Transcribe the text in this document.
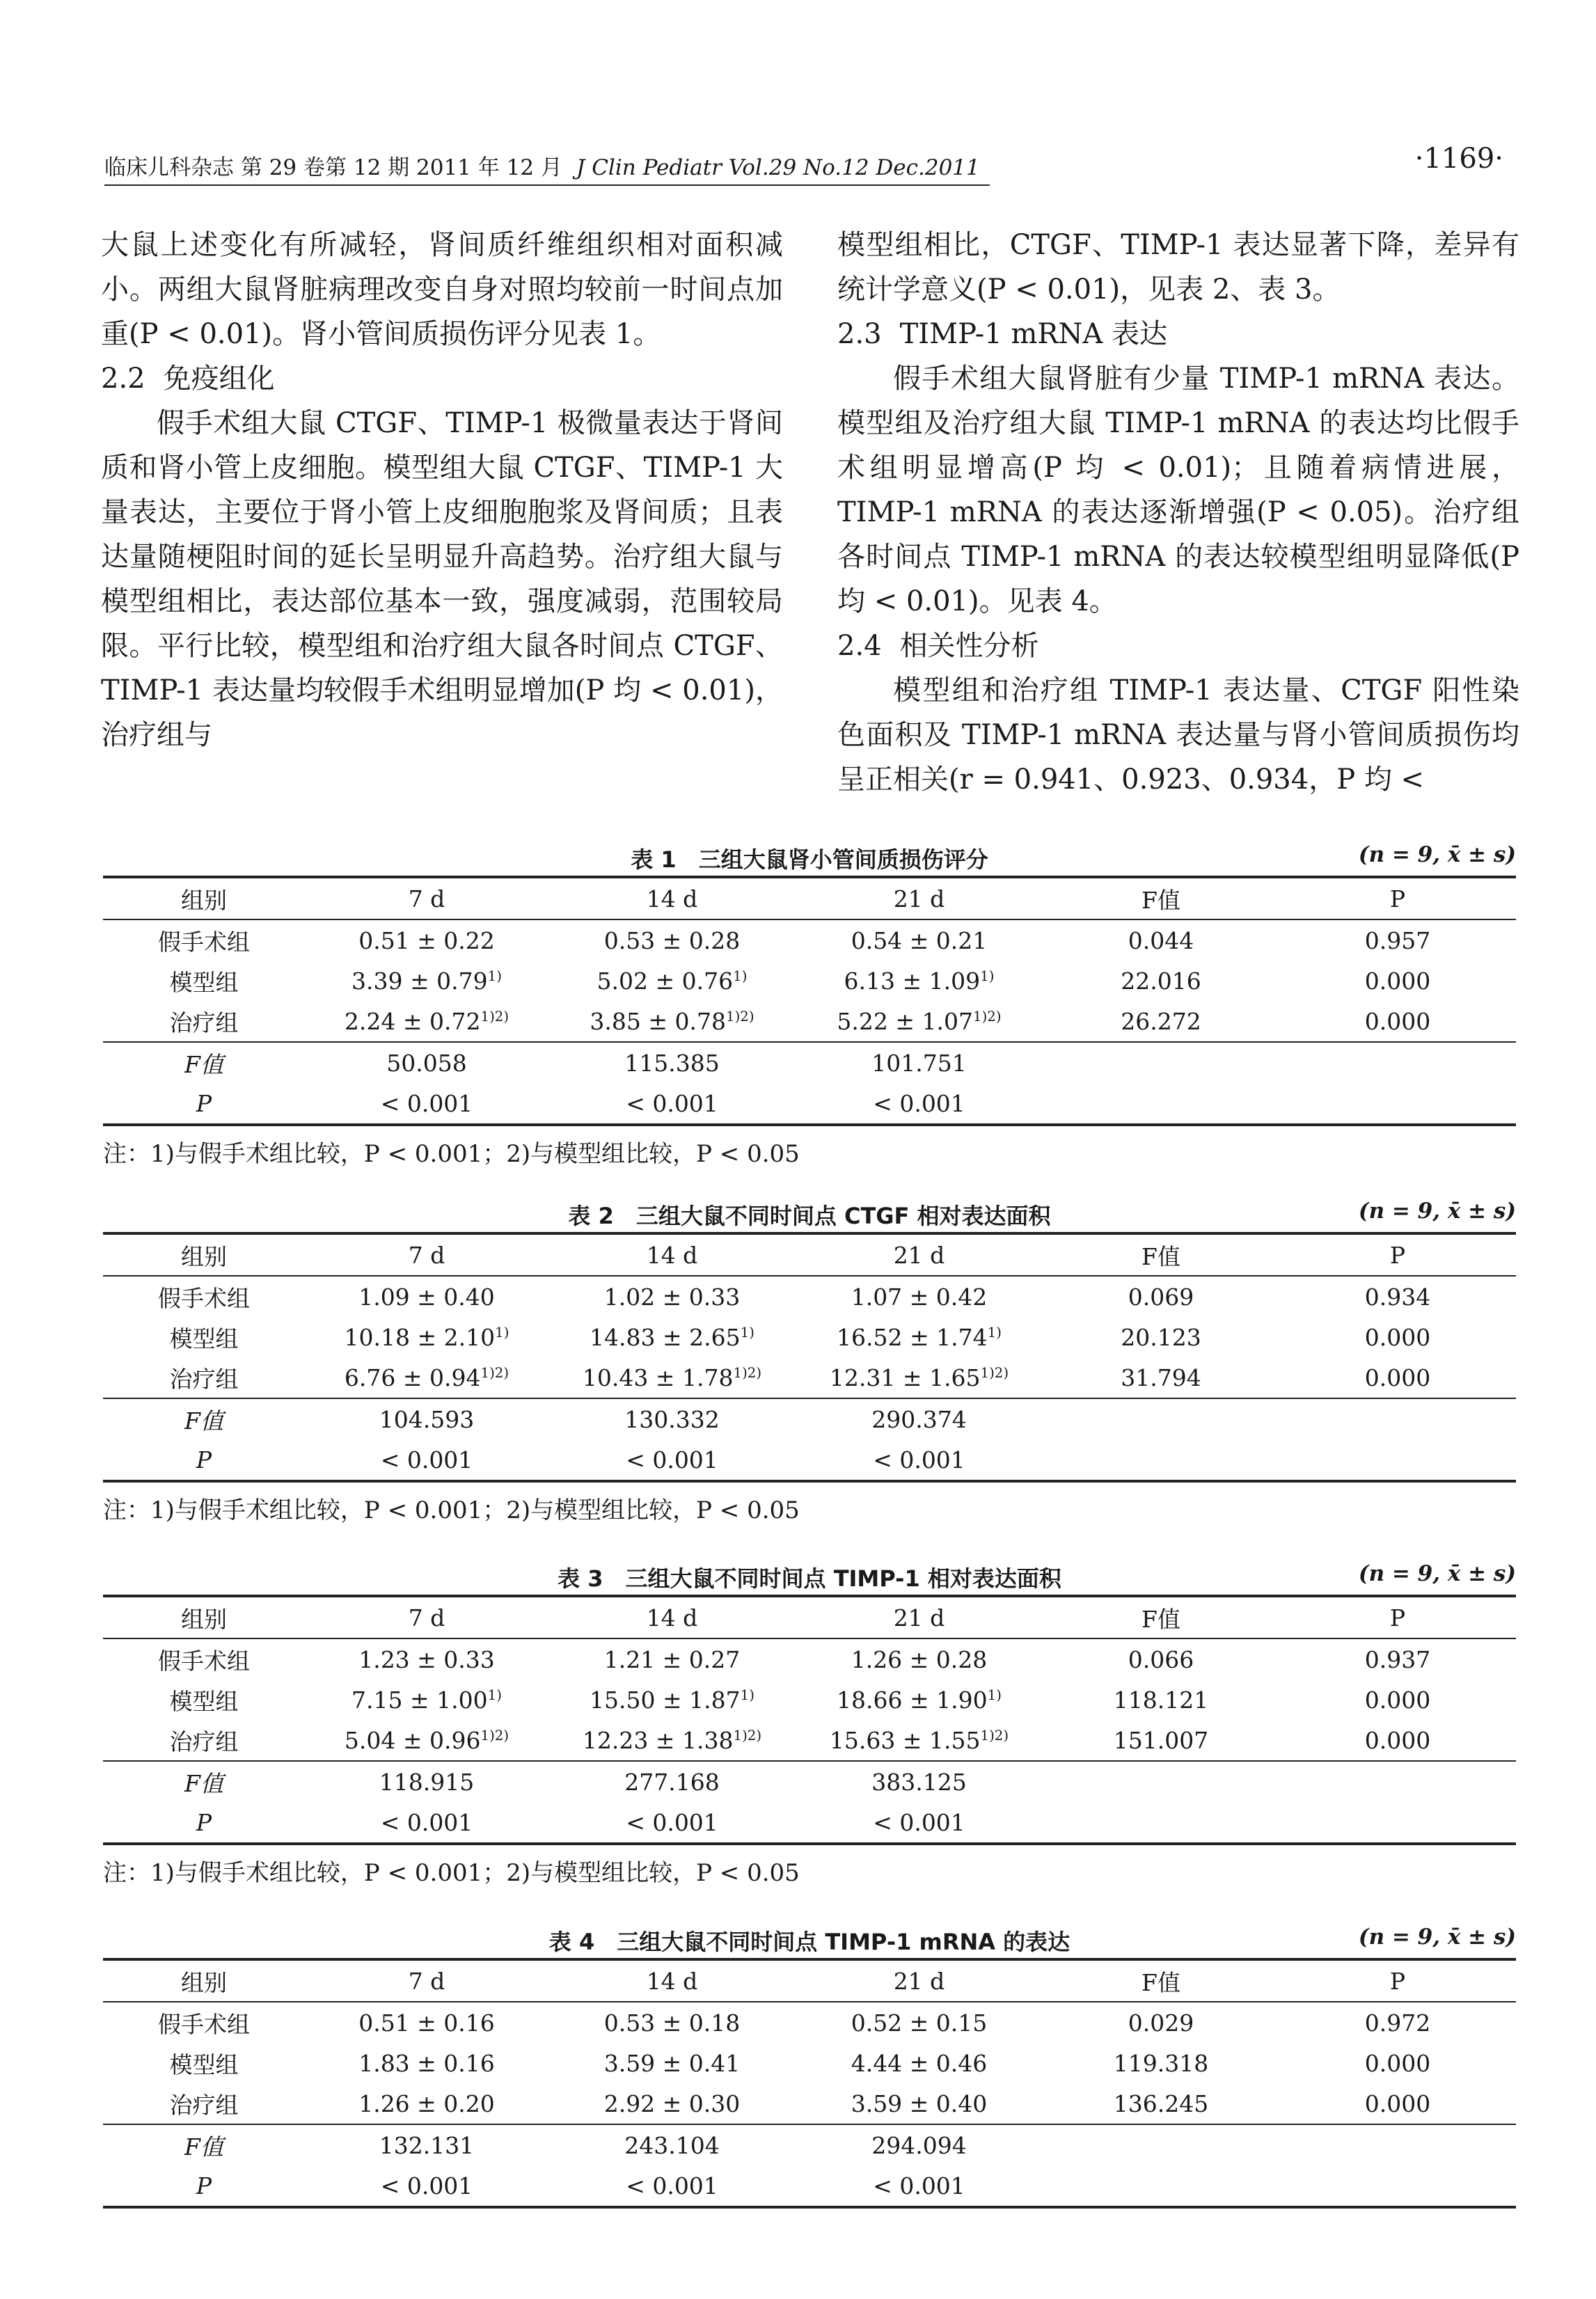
临床儿科杂志 第 29 卷第 12 期 2011 年 12 月 J Clin Pediatr Vol.29 No.12 Dec.2011	·1169·

大鼠上述变化有所减轻，肾间质纤维组织相对面积减小。两组大鼠肾脏病理改变自身对照均较前一时间点加重(P < 0.01)。肾小管间质损伤评分见表 1。

2.2 免疫组化

假手术组大鼠 CTGF、TIMP-1 极微量表达于肾间质和肾小管上皮细胞。模型组大鼠 CTGF、TIMP-1 大量表达，主要位于肾小管上皮细胞胞浆及肾间质；且表达量随梗阻时间的延长呈明显升高趋势。治疗组大鼠与模型组相比，表达部位基本一致，强度减弱，范围较局限。平行比较，模型组和治疗组大鼠各时间点 CTGF、TIMP-1 表达量均较假手术组明显增加(P 均 < 0.01)，治疗组与

模型组相比，CTGF、TIMP-1 表达显著下降，差异有统计学意义(P < 0.01)，见表 2、表 3。

2.3 TIMP-1 mRNA 表达

假手术组大鼠肾脏有少量 TIMP-1 mRNA 表达。模型组及治疗组大鼠 TIMP-1 mRNA 的表达均比假手术组明显增高(P 均 < 0.01)；且随着病情进展，TIMP-1 mRNA 的表达逐渐增强(P < 0.05)。治疗组各时间点 TIMP-1 mRNA 的表达较模型组明显降低(P 均 < 0.01)。见表 4。

2.4 相关性分析

模型组和治疗组 TIMP-1 表达量、CTGF 阳性染色面积及 TIMP-1 mRNA 表达量与肾小管间质损伤均呈正相关(r = 0.941、0.923、0.934，P 均 <

表 1　三组大鼠肾小管间质损伤评分	(n = 9, x̄ ± s)
组别	7 d	14 d	21 d	F值	P
假手术组	0.51 ± 0.22	0.53 ± 0.28	0.54 ± 0.21	0.044	0.957
模型组	$3.39 \pm 0.79^{1)}$	$5.02 \pm 0.76^{1)}$	$6.13 \pm 1.09^{1)}$	22.016	0.000
治疗组	$2.24 \pm 0.72^{1)2)}$	$3.85 \pm 0.78^{1)2)}$	$5.22 \pm 1.07^{1)2)}$	26.272	0.000
F值	50.058	115.385	101.751		
P	< 0.001	< 0.001	< 0.001		
注：1)与假手术组比较，P < 0.001；2)与模型组比较，P < 0.05
表 2　三组大鼠不同时间点 CTGF 相对表达面积	(n = 9, x̄ ± s)
组别	7 d	14 d	21 d	F值	P
假手术组	1.09 ± 0.40	1.02 ± 0.33	1.07 ± 0.42	0.069	0.934
模型组	$10.18 \pm 2.10^{1)}$	$14.83 \pm 2.65^{1)}$	$16.52 \pm 1.74^{1)}$	20.123	0.000
治疗组	$6.76 \pm 0.94^{1)2)}$	$10.43 \pm 1.78^{1)2)}$	$12.31 \pm 1.65^{1)2)}$	31.794	0.000
F值	104.593	130.332	290.374		
P	< 0.001	< 0.001	< 0.001		
注：1)与假手术组比较，P < 0.001；2)与模型组比较，P < 0.05
表 3　三组大鼠不同时间点 TIMP-1 相对表达面积	(n = 9, x̄ ± s)
组别	7 d	14 d	21 d	F值	P
假手术组	1.23 ± 0.33	1.21 ± 0.27	1.26 ± 0.28	0.066	0.937
模型组	$7.15 \pm 1.00^{1)}$	$15.50 \pm 1.87^{1)}$	$18.66 \pm 1.90^{1)}$	118.121	0.000
治疗组	$5.04 \pm 0.96^{1)2)}$	$12.23 \pm 1.38^{1)2)}$	$15.63 \pm 1.55^{1)2)}$	151.007	0.000
F值	118.915	277.168	383.125		
P	< 0.001	< 0.001	< 0.001		
注：1)与假手术组比较，P < 0.001；2)与模型组比较，P < 0.05
表 4　三组大鼠不同时间点 TIMP-1 mRNA 的表达	(n = 9, x̄ ± s)
组别	7 d	14 d	21 d	F值	P
假手术组	0.51 ± 0.16	0.53 ± 0.18	0.52 ± 0.15	0.029	0.972
模型组	1.83 ± 0.16	3.59 ± 0.41	4.44 ± 0.46	119.318	0.000
治疗组	1.26 ± 0.20	2.92 ± 0.30	3.59 ± 0.40	136.245	0.000
F值	132.131	243.104	294.094		
P	< 0.001	< 0.001	< 0.001		
